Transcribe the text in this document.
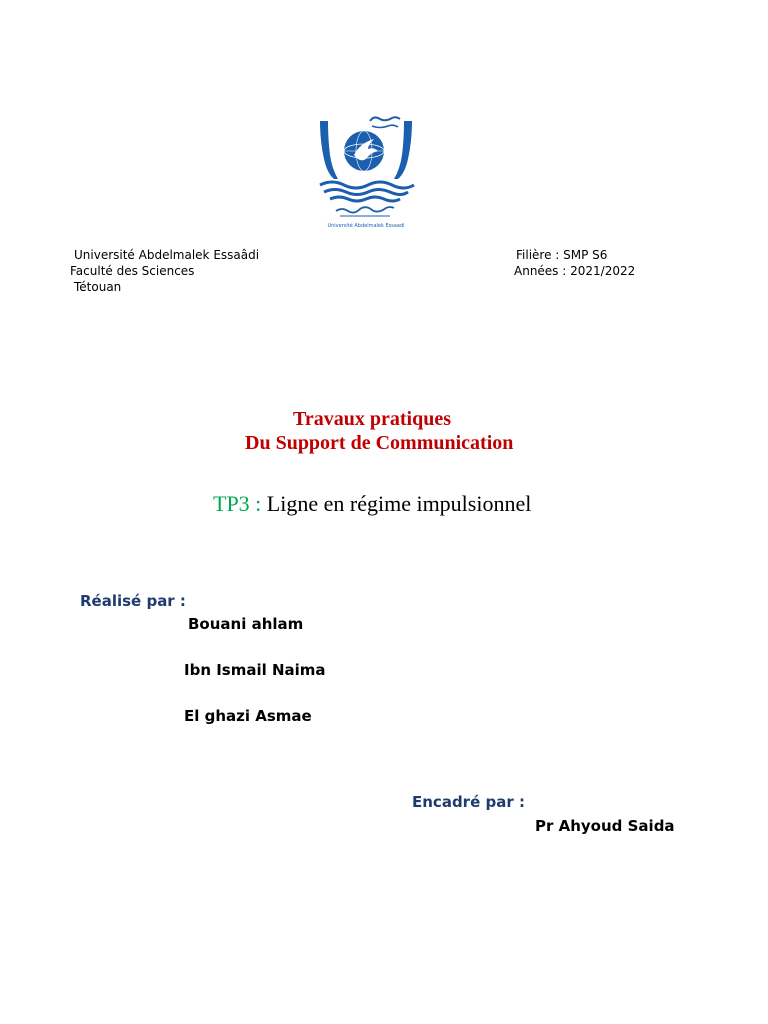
Université Abdelmalek Essaadi
Université Abdelmalek Essaâdi
Faculté des Sciences
Tétouan
Filière : SMP S6
Années : 2021/2022
Travaux pratiques
Du Support de Communication
TP3 : Ligne en régime impulsionnel
Réalisé par :
Bouani ahlam
Ibn Ismail Naima
El ghazi Asmae
Encadré par :
Pr Ahyoud Saida
